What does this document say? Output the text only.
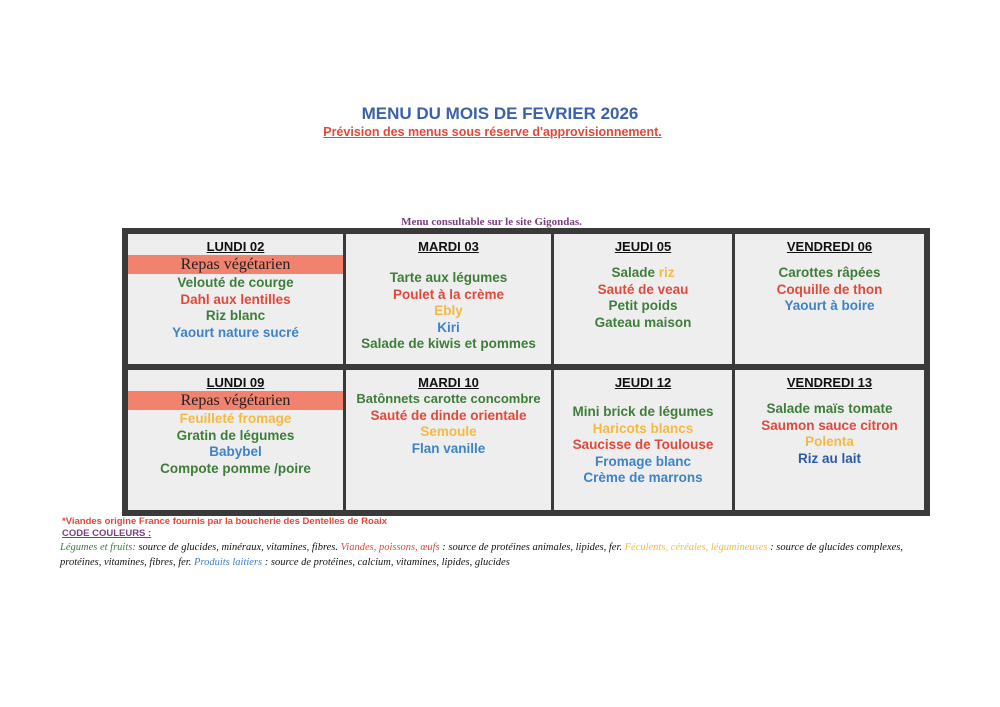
MENU DU MOIS DE FEVRIER 2026
Prévision des menus sous réserve d'approvisionnement.
Menu consultable sur le site Gigondas.
LUNDI 02
Repas végétarien
Velouté de courge
Dahl aux lentilles
Riz blanc
Yaourt nature sucré
MARDI 03
Tarte aux légumes
Poulet à la crème
Ebly
Kiri
Salade de kiwis et pommes
JEUDI 05
Salade riz
Sauté de veau
Petit poids
Gateau maison
VENDREDI 06
Carottes râpées
Coquille de thon
Yaourt à boire
LUNDI 09
Repas végétarien
Feuilleté fromage
Gratin de légumes
Babybel
Compote pomme /poire
MARDI 10
Batônnets carotte concombre
Sauté de dinde orientale
Semoule
Flan vanille
JEUDI 12
Mini brick de légumes
Haricots blancs
Saucisse de Toulouse
Fromage blanc
Crème de marrons
VENDREDI 13
Salade maïs tomate
Saumon sauce citron
Polenta
Riz au lait
*Viandes origine France fournis par la boucherie des Dentelles de Roaix
CODE COULEURS :
Légumes et fruits: source de glucides, minéraux, vitamines, fibres. Viandes, poissons, œufs : source de protéines animales, lipides, fer. Féculents, céréales, légumineuses : source de glucides complexes, protéines, vitamines, fibres, fer. Produits laitiers : source de protéines, calcium, vitamines, lipides, glucides
